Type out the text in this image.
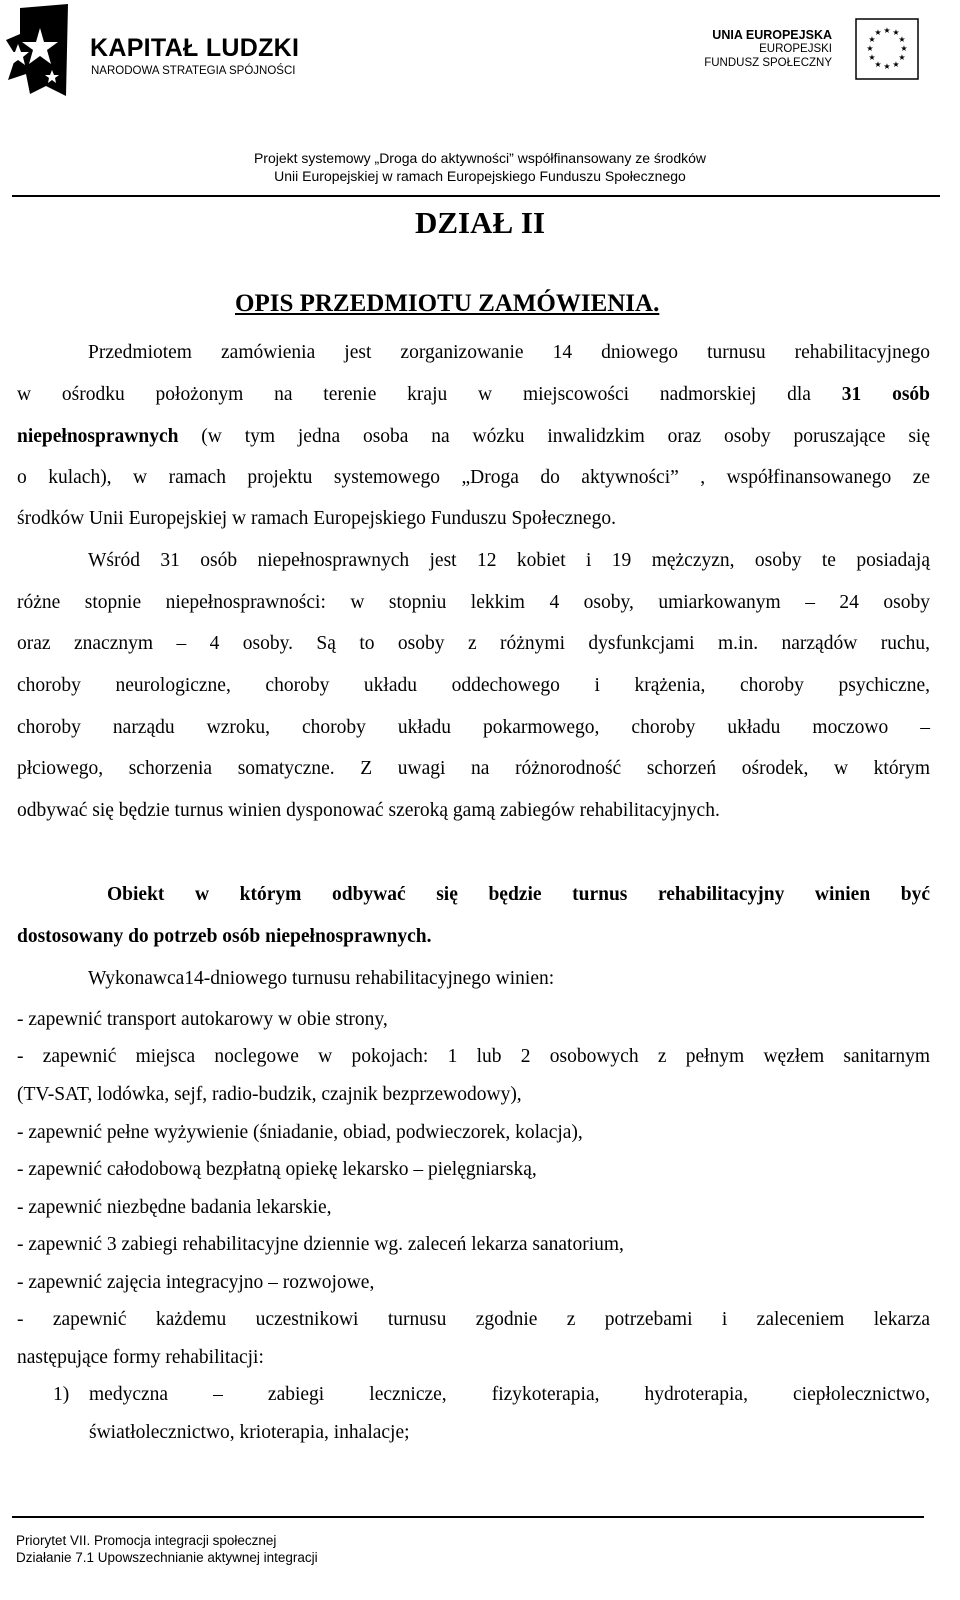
KAPITAŁ LUDZKI
NARODOWA STRATEGIA SPÓJNOŚCI
UNIA EUROPEJSKA
EUROPEJSKI
FUNDUSZ SPOŁECZNY
★ ★
★
★
★
★
★
★
★
★
★
★
Projekt systemowy „Droga do aktywności” współfinansowany ze środków
Unii Europejskiej w ramach Europejskiego Funduszu Społecznego
DZIAŁ II
OPIS PRZEDMIOTU ZAMÓWIENIA.
Przedmiotem zamówienia jest zorganizowanie 14 dniowego turnusu rehabilitacyjnego
w ośrodku położonym na terenie kraju w miejscowości nadmorskiej dla 31 osób
niepełnosprawnych (w tym jedna osoba na wózku inwalidzkim oraz osoby poruszające się
o kulach), w ramach projektu systemowego „Droga do aktywności” , współfinansowanego ze
środków Unii Europejskiej w ramach Europejskiego Funduszu Społecznego.
Wśród 31 osób niepełnosprawnych jest 12 kobiet i 19 mężczyzn, osoby te posiadają
różne stopnie niepełnosprawności: w stopniu lekkim 4 osoby, umiarkowanym – 24 osoby
oraz znacznym – 4 osoby. Są to osoby z różnymi dysfunkcjami m.in. narządów ruchu,
choroby neurologiczne, choroby układu oddechowego i krążenia, choroby psychiczne,
choroby narządu wzroku, choroby układu pokarmowego, choroby układu moczowo –
płciowego, schorzenia somatyczne. Z uwagi na różnorodność schorzeń ośrodek, w którym
odbywać się będzie turnus winien dysponować szeroką gamą zabiegów rehabilitacyjnych.
Obiekt w którym odbywać się będzie turnus rehabilitacyjny winien być
dostosowany do potrzeb osób niepełnosprawnych.
Wykonawca14-dniowego turnusu rehabilitacyjnego winien:
- zapewnić transport autokarowy w obie strony,
- zapewnić miejsca noclegowe w pokojach: 1 lub 2 osobowych z pełnym węzłem sanitarnym
(TV-SAT, lodówka, sejf, radio-budzik, czajnik bezprzewodowy),
- zapewnić pełne wyżywienie (śniadanie, obiad, podwieczorek, kolacja),
- zapewnić całodobową bezpłatną opiekę lekarsko – pielęgniarską,
- zapewnić niezbędne badania lekarskie,
- zapewnić 3 zabiegi rehabilitacyjne dziennie wg. zaleceń lekarza sanatorium,
- zapewnić zajęcia integracyjno – rozwojowe,
- zapewnić każdemu uczestnikowi turnusu zgodnie z potrzebami i zaleceniem lekarza
następujące formy rehabilitacji:
1) medyczna – zabiegi lecznicze, fizykoterapia, hydroterapia, ciepłolecznictwo,
światłolecznictwo, krioterapia, inhalacje;
Priorytet VII. Promocja integracji społecznej
Działanie 7.1 Upowszechnianie aktywnej integracji
